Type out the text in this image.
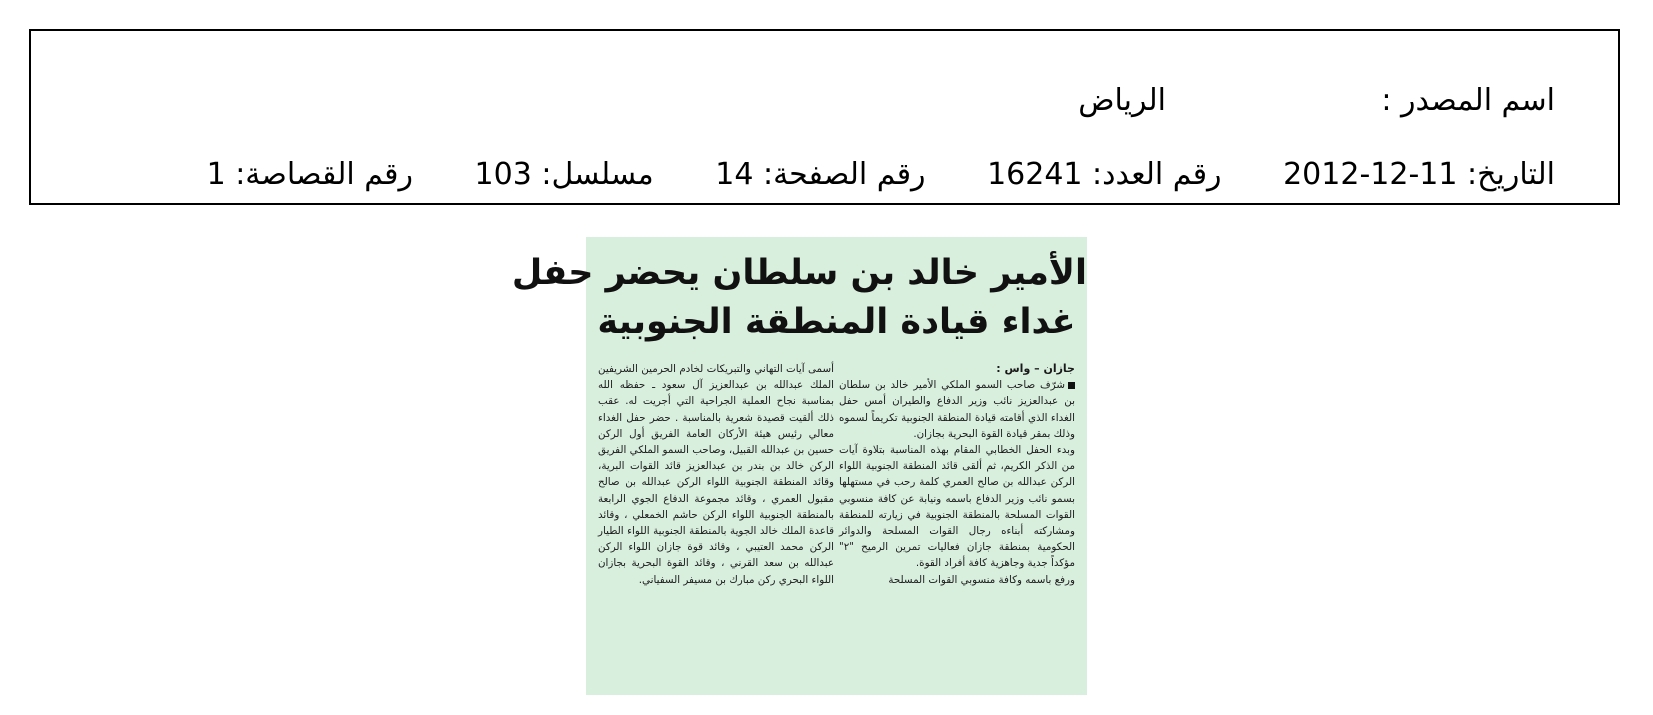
اسم المصدر :
الرياض
التاريخ: 11-12-2012 رقم العدد: 16241 رقم الصفحة: 14 مسلسل: 103 رقم القصاصة: 1
الأمير خالد بن سلطان يحضر حفل
غداء قيادة المنطقة الجنوبية

جازان – واس :

شرّف صاحب السمو الملكي الأمير خالد بن سلطان بن عبدالعزيز نائب وزير الدفاع والطيران أمس حفل الغداء الذي أقامته قيادة المنطقة الجنوبية تكريماً لسموه وذلك بمقر قيادة القوة البحرية بجازان.

وبدء الحفل الخطابي المقام بهذه المناسبة بتلاوة آيات من الذكر الكريم، ثم ألقى قائد المنطقة الجنوبية اللواء الركن عبدالله بن صالح العمري كلمة رحب في مستهلها بسمو نائب وزير الدفاع باسمه ونيابة عن كافة منسوبي القوات المسلحة بالمنطقة الجنوبية في زيارته للمنطقة ومشاركته أبناءه رجال القوات المسلحة والدوائر الحكومية بمنطقة جازان فعاليات تمرين الرميح "٢" مؤكداً جدية وجاهزية كافة أفراد القوة.

ورفع باسمه وكافة منسوبي القوات المسلحة

أسمى آيات التهاني والتبريكات لخادم الحرمين الشريفين الملك عبدالله بن عبدالعزيز آل سعود ـ حفظه الله بمناسبة نجاح العملية الجراحية التي أجريت له. عقب ذلك ألقيت قصيدة شعرية بالمناسبة . حضر حفل الغداء معالي رئيس هيئة الأركان العامة الفريق أول الركن حسين بن عبدالله القبيل، وصاحب السمو الملكي الفريق الركن خالد بن بندر بن عبدالعزيز قائد القوات البرية، وقائد المنطقة الجنوبية اللواء الركن عبدالله بن صالح مقبول العمري ، وقائد مجموعة الدفاع الجوي الرابعة بالمنطقة الجنوبية اللواء الركن حاشم الخمعلي ، وقائد قاعدة الملك خالد الجوية بالمنطقة الجنوبية اللواء الطيار الركن محمد العتيبي ، وقائد قوة جازان اللواء الركن عبدالله بن سعد القرني ، وقائد القوة البحرية بجازان اللواء البحري ركن مبارك بن مسيفر السفياني.
